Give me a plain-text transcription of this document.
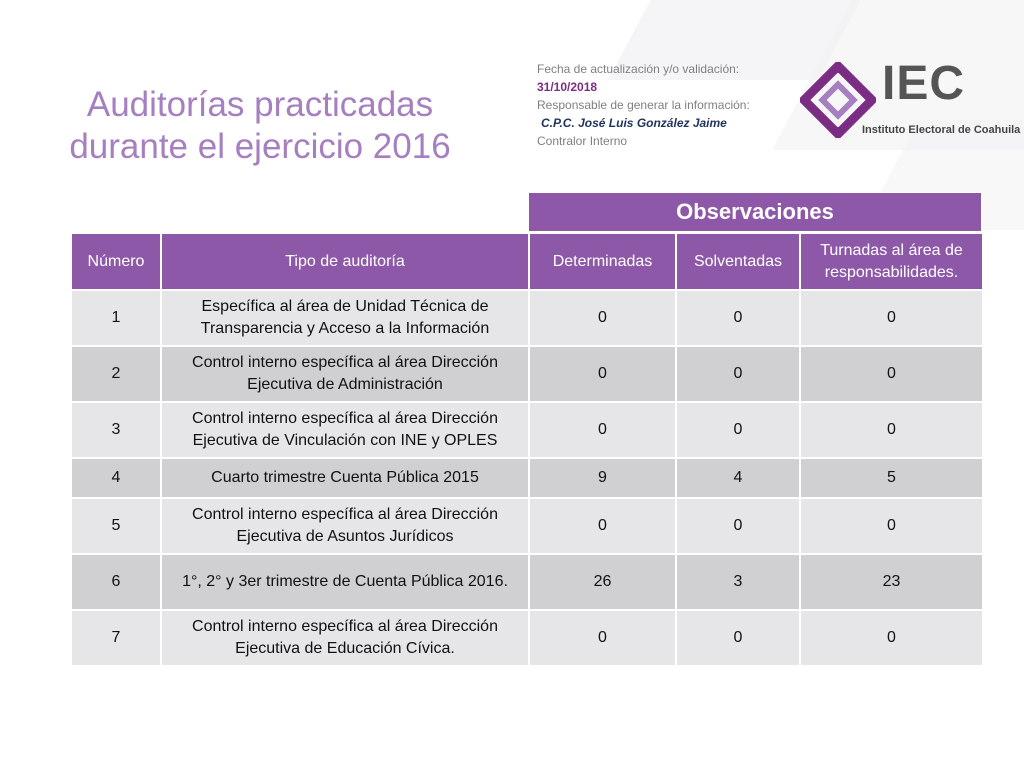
Auditorías practicadas durante el ejercicio 2016
Fecha de actualización y/o validación:
31/10/2018
Responsable de generar la información:
C.P.C. José Luis González Jaime
Contralor Interno
IEC
Instituto Electoral de Coahuila
Observaciones
Número	Tipo de auditoría	Determinadas	Solventadas	Turnadas al área de responsabilidades.
1	Específica al área de Unidad Técnica de Transparencia y Acceso a la Información	0	0	0
2	Control interno específica al área Dirección Ejecutiva de Administración	0	0	0
3	Control interno específica al área Dirección Ejecutiva de Vinculación con INE y OPLES	0	0	0
4	Cuarto trimestre Cuenta Pública 2015	9	4	5
5	Control interno específica al área Dirección Ejecutiva de Asuntos Jurídicos	0	0	0
6	1°, 2° y 3er trimestre de Cuenta Pública 2016.	26	3	23
7	Control interno específica al área Dirección Ejecutiva de Educación Cívica.	0	0	0
